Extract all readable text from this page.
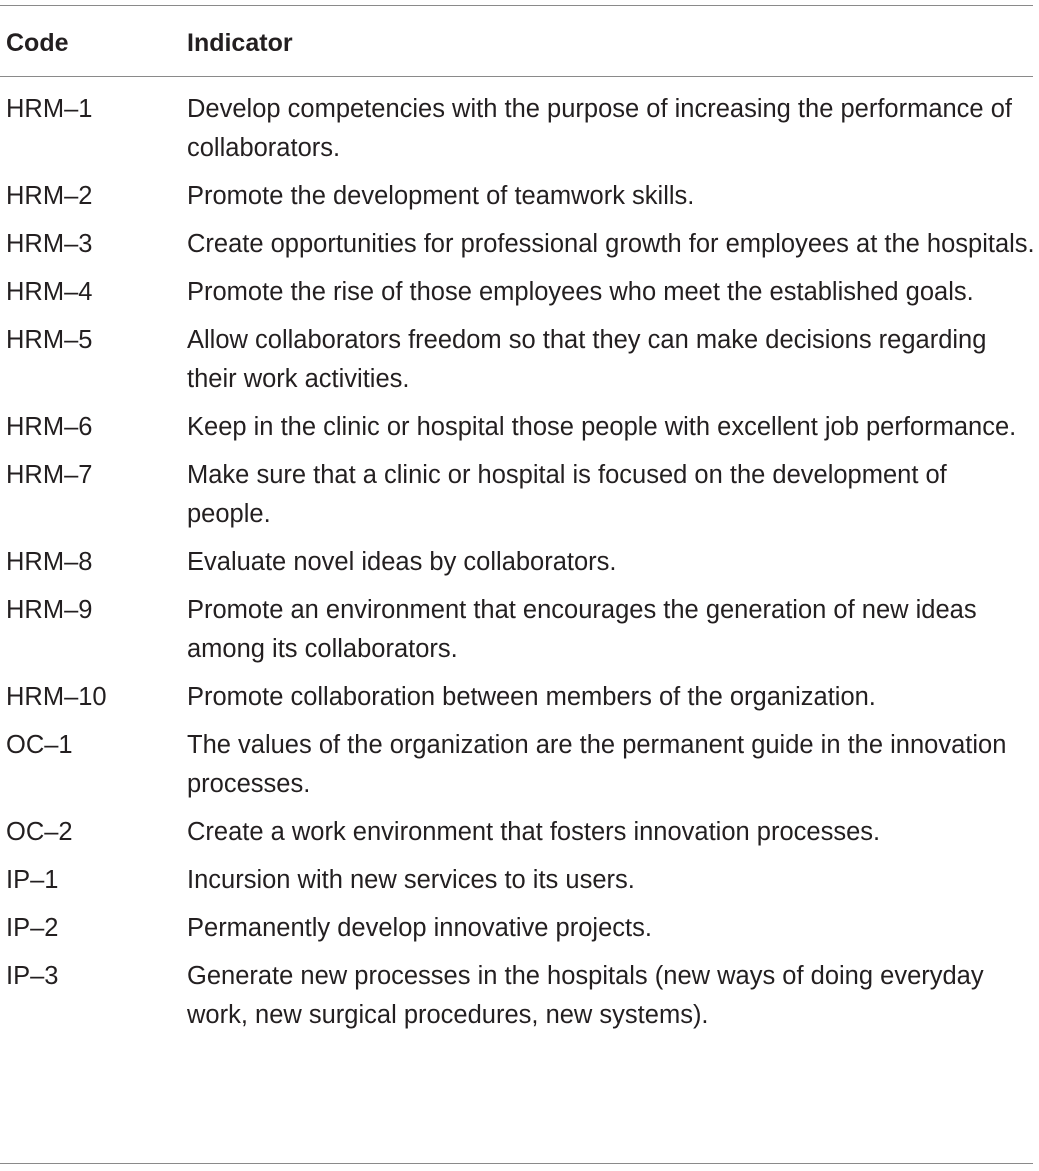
Code	Indicator
HRM–1	Develop competencies with the purpose of increasing the performance of collaborators.
HRM–2	Promote the development of teamwork skills.
HRM–3	Create opportunities for professional growth for employees at the hospitals.
HRM–4	Promote the rise of those employees who meet the established goals.
HRM–5	Allow collaborators freedom so that they can make decisions regarding their work activities.
HRM–6	Keep in the clinic or hospital those people with excellent job performance.
HRM–7	Make sure that a clinic or hospital is focused on the development of people.
HRM–8	Evaluate novel ideas by collaborators.
HRM–9	Promote an environment that encourages the generation of new ideas among its collaborators.
HRM–10	Promote collaboration between members of the organization.
OC–1	The values of the organization are the permanent guide in the innovation processes.
OC–2	Create a work environment that fosters innovation processes.
IP–1	Incursion with new services to its users.
IP–2	Permanently develop innovative projects.
IP–3	Generate new processes in the hospitals (new ways of doing everyday work, new surgical procedures, new systems).
